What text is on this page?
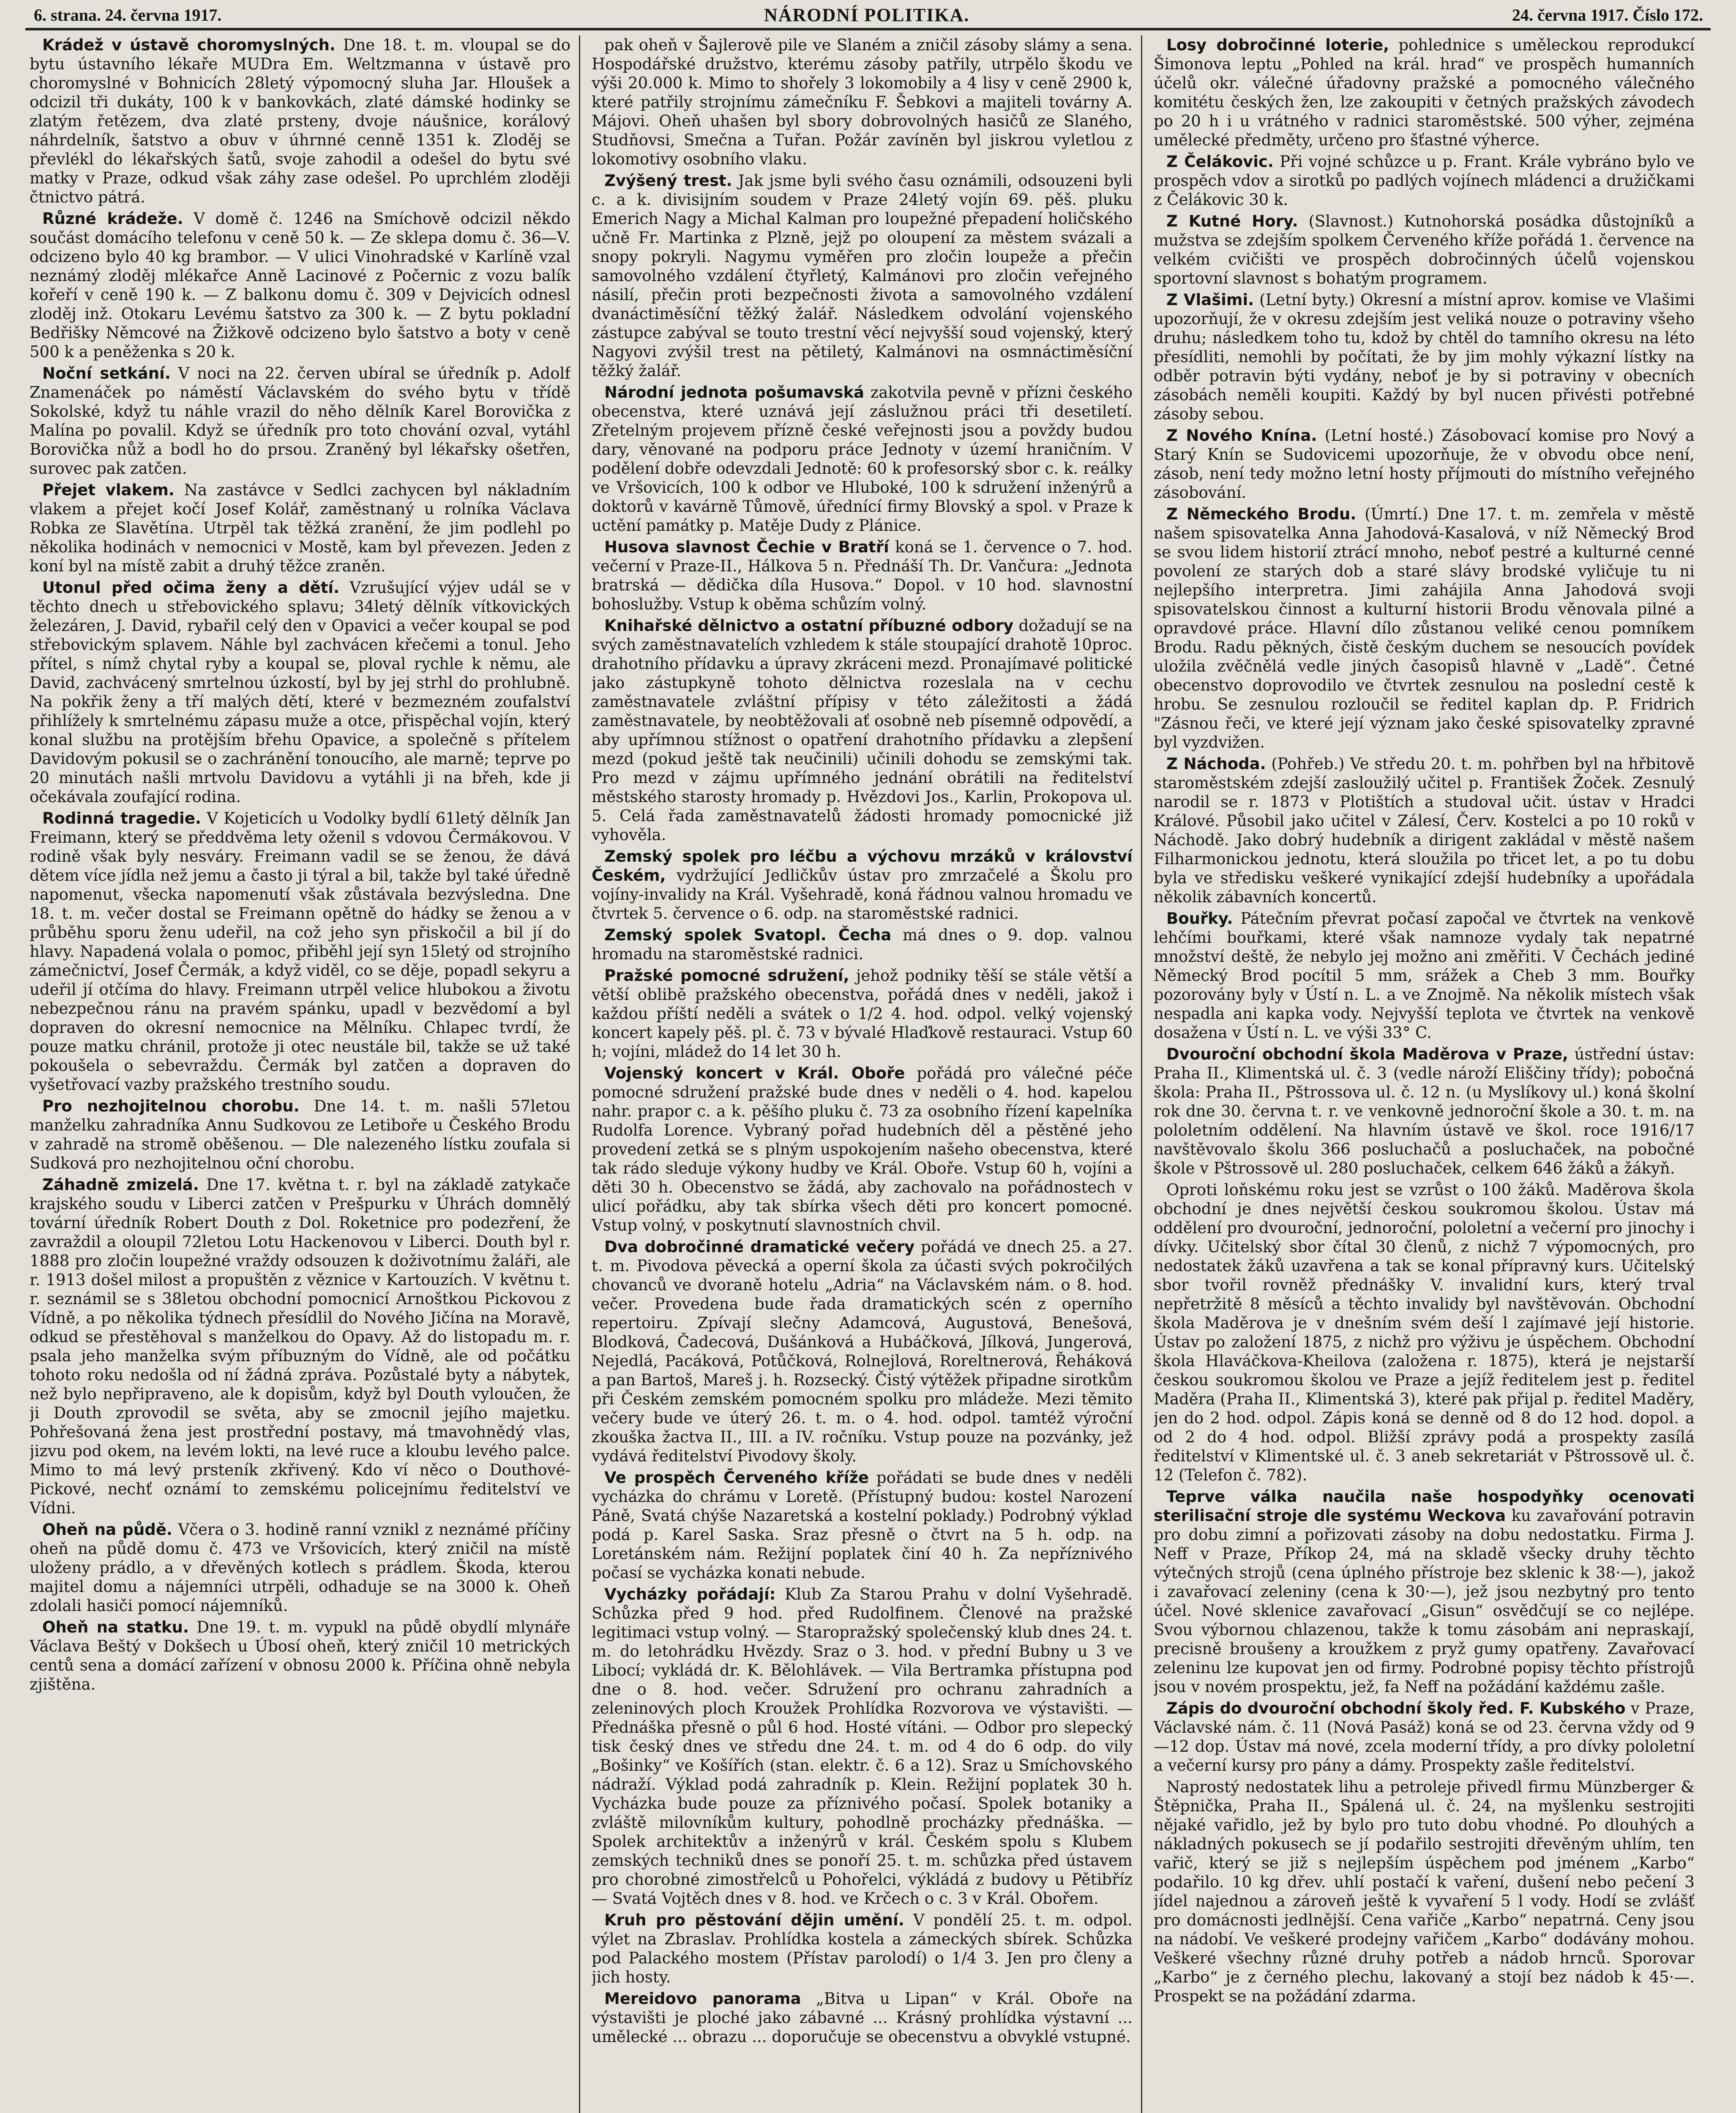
6. strana. 24. června 1917.	NÁRODNÍ POLITIKA.	24. června 1917. Číslo 172.

Krádež v ústavě choromyslných. Dne 18. t. m. vloupal se do bytu ústavního lékaře MUDra Em. Weltzmanna v ústavě pro choromyslné v Bohnicích 28letý výpomocný sluha Jar. Hloušek a odcizil tři dukáty, 100 k v bankovkách, zlaté dámské hodinky se zlatým řetězem, dva zlaté prsteny, dvoje náušnice, korálový náhrdelník, šatstvo a obuv v úhrnné cenně 1351 k. Zloděj se převlékl do lékařských šatů, svoje zahodil a odešel do bytu své matky v Praze, odkud však záhy zase odešel. Po uprchlém zloději čtnictvo pátrá.

Různé krádeže. V domě č. 1246 na Smíchově odcizil někdo součást domácího telefonu v ceně 50 k. — Ze sklepa domu č. 36—V. odcizeno bylo 40 kg brambor. — V ulici Vinohradské v Karlíně vzal neznámý zloděj mlékařce Anně Lacinové z Počernic z vozu balík kořeří v ceně 190 k. — Z balkonu domu č. 309 v Dejvicích odnesl zloděj inž. Otokaru Levému šatstvo za 300 k. — Z bytu pokladní Bedřišky Němcové na Žižkově odcizeno bylo šatstvo a boty v ceně 500 k a peněženka s 20 k.

Noční setkání. V noci na 22. červen ubíral se úředník p. Adolf Znamenáček po náměstí Václavském do svého bytu v třídě Sokolské, když tu náhle vrazil do něho dělník Karel Borovička z Malína po povalil. Když se úředník pro toto chování ozval, vytáhl Borovička nůž a bodl ho do prsou. Zraněný byl lékařsky ošetřen, surovec pak zatčen.

Přejet vlakem. Na zastávce v Sedlci zachycen byl nákladním vlakem a přejet kočí Josef Kolář, zaměstnaný u rolníka Václava Robka ze Slavětína. Utrpěl tak těžká zranění, že jim podlehl po několika hodinách v nemocnici v Mostě, kam byl převezen. Jeden z koní byl na místě zabit a druhý těžce zraněn.

Utonul před očima ženy a dětí. Vzrušující výjev udál se v těchto dnech u střebovického splavu; 34letý dělník vítkovických železáren, J. David, rybařil celý den v Opavici a večer koupal se pod střebovickým splavem. Náhle byl zachvácen křečemi a tonul. Jeho přítel, s nímž chytal ryby a koupal se, ploval rychle k němu, ale David, zachvácený smrtelnou úzkostí, byl by jej strhl do prohlubně. Na pokřik ženy a tří malých dětí, které v bezmezném zoufalství přihlížely k smrtelnému zápasu muže a otce, přispěchal vojín, který konal službu na protějším břehu Opavice, a společně s přítelem Davidovým pokusil se o zachránění tonoucího, ale marně; teprve po 20 minutách našli mrtvolu Davidovu a vytáhli ji na břeh, kde ji očekávala zoufající rodina.

Rodinná tragedie. V Kojeticích u Vodolky bydlí 61letý dělník Jan Freimann, který se předdvěma lety oženil s vdovou Čermákovou. V rodině však byly nesváry. Freimann vadil se se ženou, že dává dětem více jídla než jemu a často ji týral a bil, takže byl také úředně napomenut, všecka napomenutí však zůstávala bezvýsledna. Dne 18. t. m. večer dostal se Freimann opětně do hádky se ženou a v průběhu sporu ženu udeřil, na což jeho syn přiskočil a bil jí do hlavy. Napadená volala o pomoc, přiběhl její syn 15letý od strojního zámečnictví, Josef Čermák, a když viděl, co se děje, popadl sekyru a udeřil jí otčíma do hlavy. Freimann utrpěl velice hlubokou a životu nebezpečnou ránu na pravém spánku, upadl v bezvědomí a byl dopraven do okresní nemocnice na Mělníku. Chlapec tvrdí, že pouze matku chránil, protože ji otec neustále bil, takže se už také pokoušela o sebevraždu. Čermák byl zatčen a dopraven do vyšetřovací vazby pražského trestního soudu.

Pro nezhojitelnou chorobu. Dne 14. t. m. našli 57letou manželku zahradníka Annu Sudkovou ze Letiboře u Českého Brodu v zahradě na stromě oběšenou. — Dle nalezeného lístku zoufala si Sudková pro nezhojitelnou oční chorobu.

Záhadně zmizelá. Dne 17. května t. r. byl na základě zatykače krajského soudu v Liberci zatčen v Prešpurku v Úhrách domnělý tovární úředník Robert Douth z Dol. Roketnice pro podezření, že zavraždil a oloupil 72letou Lotu Hackenovou v Liberci. Douth byl r. 1888 pro zločin loupežné vraždy odsouzen k doživotnímu žaláři, ale r. 1913 došel milost a propuštěn z věznice v Kartouzích. V květnu t. r. seznámil se s 38letou obchodní pomocnicí Arnoštkou Pickovou z Vídně, a po několika týdnech přesídlil do Nového Jičína na Moravě, odkud se přestěhoval s manželkou do Opavy. Až do listopadu m. r. psala jeho manželka svým příbuzným do Vídně, ale od počátku tohoto roku nedošla od ní žádná zpráva. Pozůstalé byty a nábytek, než bylo nepřipraveno, ale k dopisům, když byl Douth vyloučen, že ji Douth zprovodil se světa, aby se zmocnil jejího majetku. Pohřešovaná žena jest prostřední postavy, má tmavohnědý vlas, jizvu pod okem, na levém lokti, na levé ruce a kloubu levého palce. Mimo to má levý prsteník zkřivený. Kdo ví něco o Douthové-Pickové, nechť oznámí to zemskému policejnímu ředitelství ve Vídni.

Oheň na půdě. Včera o 3. hodině ranní vznikl z neznámé příčiny oheň na půdě domu č. 473 ve Vršovicích, který zničil na místě uloženy prádlo, a v dřevěných kotlech s prádlem. Škoda, kterou majitel domu a nájemníci utrpěli, odhaduje se na 3000 k. Oheň zdolali hasiči pomocí nájemníků.

Oheň na statku. Dne 19. t. m. vypukl na půdě obydlí mlynáře Václava Beštý v Dokšech u Úbosí oheň, který zničil 10 metrických centů sena a domácí zařízení v obnosu 2000 k. Příčina ohně nebyla zjištěna.

pak oheň v Šajlerově pile ve Slaném a zničil zásoby slámy a sena. Hospodářské družstvo, kterému zásoby patřily, utrpělo škodu ve výši 20.000 k. Mimo to shořely 3 lokomobily a 4 lisy v ceně 2900 k, které patřily strojnímu zámečníku F. Šebkovi a majiteli továrny A. Májovi. Oheň uhašen byl sbory dobrovolných hasičů ze Slaného, Studňovsi, Smečna a Tuřan. Požár zavíněn byl jiskrou vyletlou z lokomotivy osobního vlaku.

Zvýšený trest. Jak jsme byli svého času oznámili, odsouzeni byli c. a k. divisijním soudem v Praze 24letý vojín 69. pěš. pluku Emerich Nagy a Michal Kalman pro loupežné přepadení holičského učně Fr. Martinka z Plzně, jejž po oloupení za městem svázali a snopy pokryli. Nagymu vyměřen pro zločin loupeže a přečin samovolného vzdálení čtyřletý, Kalmánovi pro zločin veřejného násilí, přečin proti bezpečnosti života a samovolného vzdálení dvanáctiměsíční těžký žalář. Následkem odvolání vojenského zástupce zabýval se touto trestní věcí nejvyšší soud vojenský, který Nagyovi zvýšil trest na pětiletý, Kalmánovi na osmnáctiměsíční těžký žalář.

Národní jednota pošumavská zakotvila pevně v přízni českého obecenstva, které uznává její záslužnou práci tři desetiletí. Zřetelným projevem přízně české veřejnosti jsou a povždy budou dary, věnované na podporu práce Jednoty v území hraničním. V podělení dobře odevzdali Jednotě: 60 k profesorský sbor c. k. reálky ve Vršovicích, 100 k odbor ve Hluboké, 100 k sdružení inženýrů a doktorů v kavárně Tůmově, úřednící firmy Blovský a spol. v Praze k uctění památky p. Matěje Dudy z Plánice.

Husova slavnost Čechie v Bratří koná se 1. července o 7. hod. večerní v Praze-II., Hálkova 5 n. Přednáší Th. Dr. Vančura: „Jednota bratrská — dědička díla Husova.“ Dopol. v 10 hod. slavnostní bohoslužby. Vstup k oběma schůzím volný.

Knihařské dělnictvo a ostatní příbuzné odbory dožadují se na svých zaměstnavatelích vzhledem k stále stoupající drahotě 10proc. drahotního přídavku a úpravy zkráceni mezd. Pronajímavé politické jako zástupkyně tohoto dělnictva rozeslala na v cechu zaměstnavatele zvláštní přípisy v této záležitosti a žádá zaměstnavatele, by neobtěžovali ať osobně neb písemně odpovědí, a aby upřímnou stížnost o opatření drahotního přídavku a zlepšení mezd (pokud ještě tak neučinili) učinili dohodu se zemskými tak. Pro mezd v zájmu upřímného jednání obrátili na ředitelství městského starosty hromady p. Hvězdovi Jos., Karlin, Prokopova ul. 5. Celá řada zaměstnavatelů žádosti hromady pomocnické již vyhověla.

Zemský spolek pro léčbu a výchovu mrzáků v království Českém, vydržující Jedličkův ústav pro zmrzačelé a Školu pro vojíny-invalidy na Král. Vyšehradě, koná řádnou valnou hromadu ve čtvrtek 5. července o 6. odp. na staroměstské radnici.

Zemský spolek Svatopl. Čecha má dnes o 9. dop. valnou hromadu na staroměstské radnici.

Pražské pomocné sdružení, jehož podniky těší se stále větší a větší oblibě pražského obecenstva, pořádá dnes v neděli, jakož i každou příští neděli a svátek o 1/2 4. hod. odpol. velký vojenský koncert kapely pěš. pl. č. 73 v bývalé Hlaďkově restauraci. Vstup 60 h; vojíni, mládež do 14 let 30 h.

Vojenský koncert v Král. Oboře pořádá pro válečné péče pomocné sdružení pražské bude dnes v neděli o 4. hod. kapelou nahr. prapor c. a k. pěšího pluku č. 73 za osobního řízení kapelníka Rudolfa Lorence. Vybraný pořad hudebních děl a pěstěné jeho provedení zetká se s plným uspokojením našeho obecenstva, které tak rádo sleduje výkony hudby ve Král. Oboře. Vstup 60 h, vojíni a děti 30 h. Obecenstvo se žádá, aby zachovalo na pořádnostech v ulicí pořádku, aby tak sbírka všech děti pro koncert pomocné. Vstup volný, v poskytnutí slavnostních chvil.

Dva dobročinné dramatické večery pořádá ve dnech 25. a 27. t. m. Pivodova pěvecká a operní škola za účasti svých pokročilých chovanců ve dvoraně hotelu „Adria“ na Václavském nám. o 8. hod. večer. Provedena bude řada dramatických scén z operního repertoiru. Zpívají slečny Adamcová, Augustová, Benešová, Blodková, Čadecová, Dušánková a Hubáčková, Jílková, Jungerová, Nejedlá, Pacáková, Potůčková, Rolnejlová, Roreltnerová, Řeháková a pan Bartoš, Mareš j. h. Rozsecký. Čistý výtěžek připadne sirotkům při Českém zemském pomocném spolku pro mládeže. Mezi těmito večery bude ve úterý 26. t. m. o 4. hod. odpol. tamtéž výroční zkouška žactva II., III. a IV. ročníku. Vstup pouze na pozvánky, jež vydává ředitelství Pivodovy školy.

Ve prospěch Červeného kříže pořádati se bude dnes v neděli vycházka do chrámu v Loretě. (Přístupný budou: kostel Narození Páně, Svatá chýše Nazaretská a kostelní poklady.) Podrobný výklad podá p. Karel Saska. Sraz přesně o čtvrt na 5 h. odp. na Loretánském nám. Režijní poplatek činí 40 h. Za nepříznivého počasí se vycházka konati nebude.

Vycházky pořádají: Klub Za Starou Prahu v dolní Vyšehradě. Schůzka před 9 hod. před Rudolfinem. Členové na pražské legitimaci vstup volný. — Staropražský společenský klub dnes 24. t. m. do letohrádku Hvězdy. Sraz o 3. hod. v přední Bubny u 3 ve Libocí; vykládá dr. K. Bělohlávek. — Vila Bertramka přístupna pod dne o 8. hod. večer. Sdružení pro ochranu zahradních a zeleninových ploch Kroužek Prohlídka Rozvorova ve výstavišti. — Přednáška přesně o půl 6 hod. Hosté vítáni. — Odbor pro slepecký tisk český dnes ve středu dne 24. t. m. od 4 do 6 odp. do vily „Bošinky“ ve Košířích (stan. elektr. č. 6 a 12). Sraz u Smíchovského nádraží. Výklad podá zahradník p. Klein. Režijní poplatek 30 h. Vycházka bude pouze za příznivého počasí. Spolek botaniky a zvláště milovníkům kultury, pohodlně procházky přednáška. — Spolek architektův a inženýrů v král. Českém spolu s Klubem zemských techniků dnes se ponoří 25. t. m. schůzka před ústavem pro chorobné zimostřelců u Pohořelci, výkládá z budovy u Pětibříz — Svatá Vojtěch dnes v 8. hod. ve Krčech o c. 3 v Král. Obořem.

Kruh pro pěstování dějin umění. V pondělí 25. t. m. odpol. výlet na Zbraslav. Prohlídka kostela a zámeckých sbírek. Schůzka pod Palackého mostem (Přístav parolodí) o 1/4 3. Jen pro členy a jich hosty.

Mereidovo panorama „Bitva u Lipan“ v Král. Oboře na výstavišti je ploché jako zábavné ... Krásný prohlídka výstavní ... umělecké ... obrazu ... doporučuje se obecenstvu a obvyklé vstupné.

Losy dobročinné loterie, pohlednice s uměleckou reprodukcí Šimonova leptu „Pohled na král. hrad“ ve prospěch humanních účelů okr. válečné úřadovny pražské a pomocného válečného komitétu českých žen, lze zakoupiti v četných pražských závodech po 20 h i u vrátného v radnici staroměstské. 500 výher, zejména umělecké předměty, určeno pro šťastné výherce.

Z Čelákovic. Při vojné schůzce u p. Frant. Krále vybráno bylo ve prospěch vdov a sirotků po padlých vojínech mládenci a družičkami z Čelákovic 30 k.

Z Kutné Hory. (Slavnost.) Kutnohorská posádka důstojníků a mužstva se zdejším spolkem Červeného kříže pořádá 1. července na velkém cvičišti ve prospěch dobročinných účelů vojenskou sportovní slavnost s bohatým programem.

Z Vlašimi. (Letní byty.) Okresní a místní aprov. komise ve Vlašimi upozorňují, že v okresu zdejším jest veliká nouze o potraviny všeho druhu; následkem toho tu, kdož by chtěl do tamního okresu na léto přesídliti, nemohli by počítati, že by jim mohly výkazní lístky na odběr potravin býti vydány, neboť je by si potraviny v obecních zásobách neměli koupiti. Každý by byl nucen přivésti potřebné zásoby sebou.

Z Nového Knína. (Letní hosté.) Zásobovací komise pro Nový a Starý Knín se Sudovicemi upozorňuje, že v obvodu obce není, zásob, není tedy možno letní hosty příjmouti do místního veřejného zásobování.

Z Německého Brodu. (Úmrtí.) Dne 17. t. m. zemřela v městě našem spisovatelka Anna Jahodová-Kasalová, v níž Německý Brod se svou lidem historií ztrácí mnoho, neboť pestré a kulturné cenné povolení ze starých dob a staré slávy brodské vyličuje tu ni nejlepšího interpretra. Jimi zahájila Anna Jahodová svoji spisovatelskou činnost a kulturní historii Brodu věnovala pilné a opravdové práce. Hlavní dílo zůstanou veliké cenou pomníkem Brodu. Radu pěkných, čistě českým duchem se nesoucích povídek uložila zvěčnělá vedle jiných časopisů hlavně v „Ladě“. Četné obecenstvo doprovodilo ve čtvrtek zesnulou na poslední cestě k hrobu. Se zesnulou rozloučil se ředitel kaplan dp. P. Fridrich "Zásnou řeči, ve které její význam jako české spisovatelky zpravné byl vyzdvižen.

Z Náchoda. (Pohřeb.) Ve středu 20. t. m. pohřben byl na hřbitově staroměstském zdejší zasloužilý učitel p. František Žoček. Zesnulý narodil se r. 1873 v Plotištích a studoval učit. ústav v Hradci Králové. Působil jako učitel v Zálesí, Červ. Kostelci a po 10 roků v Náchodě. Jako dobrý hudebník a dirigent zakládal v městě našem Filharmonickou jednotu, která sloužila po třicet let, a po tu dobu byla ve středisku veškeré vynikající zdejší hudebníky a upořádala několik zábavních koncertů.

Bouřky. Pátečním převrat počasí započal ve čtvrtek na venkově lehčími bouřkami, které však namnoze vydaly tak nepatrné množství deště, že nebylo jej možno ani změřiti. V Čechách jediné Německý Brod pocítil 5 mm, srážek a Cheb 3 mm. Bouřky pozorovány byly v Ústí n. L. a ve Znojmě. Na několik místech však nespadla ani kapka vody. Nejvyšší teplota ve čtvrtek na venkově dosažena v Ústí n. L. ve výši 33° C.

Dvouroční obchodní škola Maděrova v Praze, ústřední ústav: Praha II., Klimentská ul. č. 3 (vedle nároží Eliščiny třídy); pobočná škola: Praha II., Pštrossova ul. č. 12 n. (u Myslíkovy ul.) koná školní rok dne 30. června t. r. ve venkovně jednoroční škole a 30. t. m. na pololetním oddělení. Na hlavním ústavě ve škol. roce 1916/17 navštěvovalo školu 366 posluchačů a posluchaček, na pobočné škole v Pštrossově ul. 280 posluchaček, celkem 646 žáků a žákyň.

Oproti loňskému roku jest se vzrůst o 100 žáků. Maděrova škola obchodní je dnes největší českou soukromou školou. Ústav má oddělení pro dvouroční, jednoroční, pololetní a večerní pro jinochy i dívky. Učitelský sbor čítal 30 členů, z nichž 7 výpomocných, pro nedostatek žáků uzavřena a tak se konal přípravný kurs. Učitelský sbor tvořil rovněž přednášky V. invalidní kurs, který trval nepřetržitě 8 měsíců a těchto invalidy byl navštěvován. Obchodní škola Maděrova je v dnešním svém deší l zajímavé její historie. Ústav po založení 1875, z nichž pro výživu je úspěchem. Obchodní škola Hlaváčkova-Kheilova (založena r. 1875), která je nejstarší českou soukromou školou ve Praze a jejíž ředitelem jest p. ředitel Maděra (Praha II., Klimentská 3), které pak přijal p. ředitel Maděry, jen do 2 hod. odpol. Zápis koná se denně od 8 do 12 hod. dopol. a od 2 do 4 hod. odpol. Bližší zprávy podá a prospekty zasílá ředitelství v Klimentské ul. č. 3 aneb sekretariát v Pštrossově ul. č. 12 (Telefon č. 782).

Teprve válka naučila naše hospodyňky ocenovati sterilisační stroje dle systému Weckova ku zavařování potravin pro dobu zimní a pořizovati zásoby na dobu nedostatku. Firma J. Neff v Praze, Příkop 24, má na skladě všecky druhy těchto výtečných strojů (cena úplného přístroje bez sklenic k 38·—), jakož i zavařovací zeleniny (cena k 30·—), jež jsou nezbytný pro tento účel. Nové sklenice zavařovací „Gisun“ osvědčují se co nejlépe. Svou výbornou chlazenou, takže k tomu zásobám ani nepraskají, precisně broušeny a kroužkem z pryž gumy opatřeny. Zavařovací zeleninu lze kupovat jen od firmy. Podrobné popisy těchto přístrojů jsou v novém prospektu, jež, fa Neff na požádání každému zašle.

Zápis do dvouroční obchodní školy řed. F. Kubského v Praze, Václavské nám. č. 11 (Nová Pasáž) koná se od 23. června vždy od 9—12 dop. Ústav má nové, zcela moderní třídy, a pro dívky pololetní a večerní kursy pro pány a dámy. Prospekty zašle ředitelství.

Naprostý nedostatek lihu a petroleje přivedl firmu Münzberger & Štěpnička, Praha II., Spálená ul. č. 24, na myšlenku sestrojiti nějaké vařidlo, jež by bylo pro tuto dobu vhodné. Po dlouhých a nákladných pokusech se jí podařilo sestrojiti dřevěným uhlím, ten vařič, který se již s nejlepším úspěchem pod jménem „Karbo“ podařilo. 10 kg dřev. uhlí postačí k vaření, dušení nebo pečení 3 jídel najednou a zároveň ještě k vyvaření 5 l vody. Hodí se zvlášť pro domácnosti jedlnější. Cena vařiče „Karbo“ nepatrná. Ceny jsou na nádobí. Ve veškeré prodejny vařičem „Karbo“ dodávány mohou. Veškeré všechny různé druhy potřeb a nádob hrnců. Sporovar „Karbo“ je z černého plechu, lakovaný a stojí bez nádob k 45·—. Prospekt se na požádání zdarma.
